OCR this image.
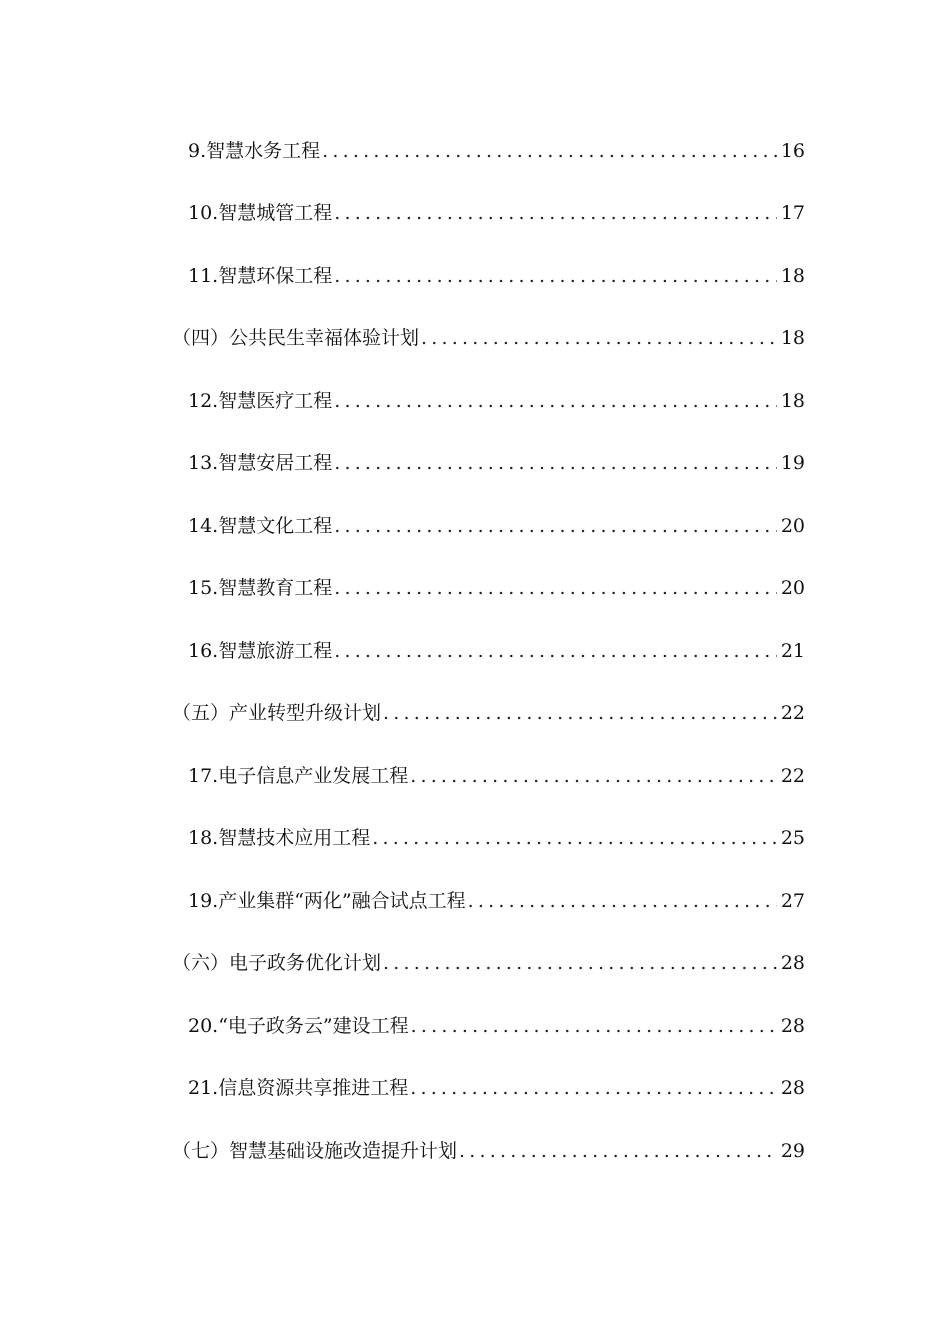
9.智慧水务工程 .....	16
10.智慧城管工程 .....	17
11.智慧环保工程 .....	18
（四）公共民生幸福体验计划 .....	18
12.智慧医疗工程 .....	18
13.智慧安居工程 .....	19
14.智慧文化工程 .....	20
15.智慧教育工程 .....	20
16.智慧旅游工程 .....	21
（五）产业转型升级计划 .....	22
17.电子信息产业发展工程 .....	22
18.智慧技术应用工程 .....	25
19.产业集群“两化”融合试点工程 .....	27
（六）电子政务优化计划 .....	28
20.“电子政务云”建设工程 .....	28
21.信息资源共享推进工程 .....	28
（七）智慧基础设施改造提升计划 .....	29
